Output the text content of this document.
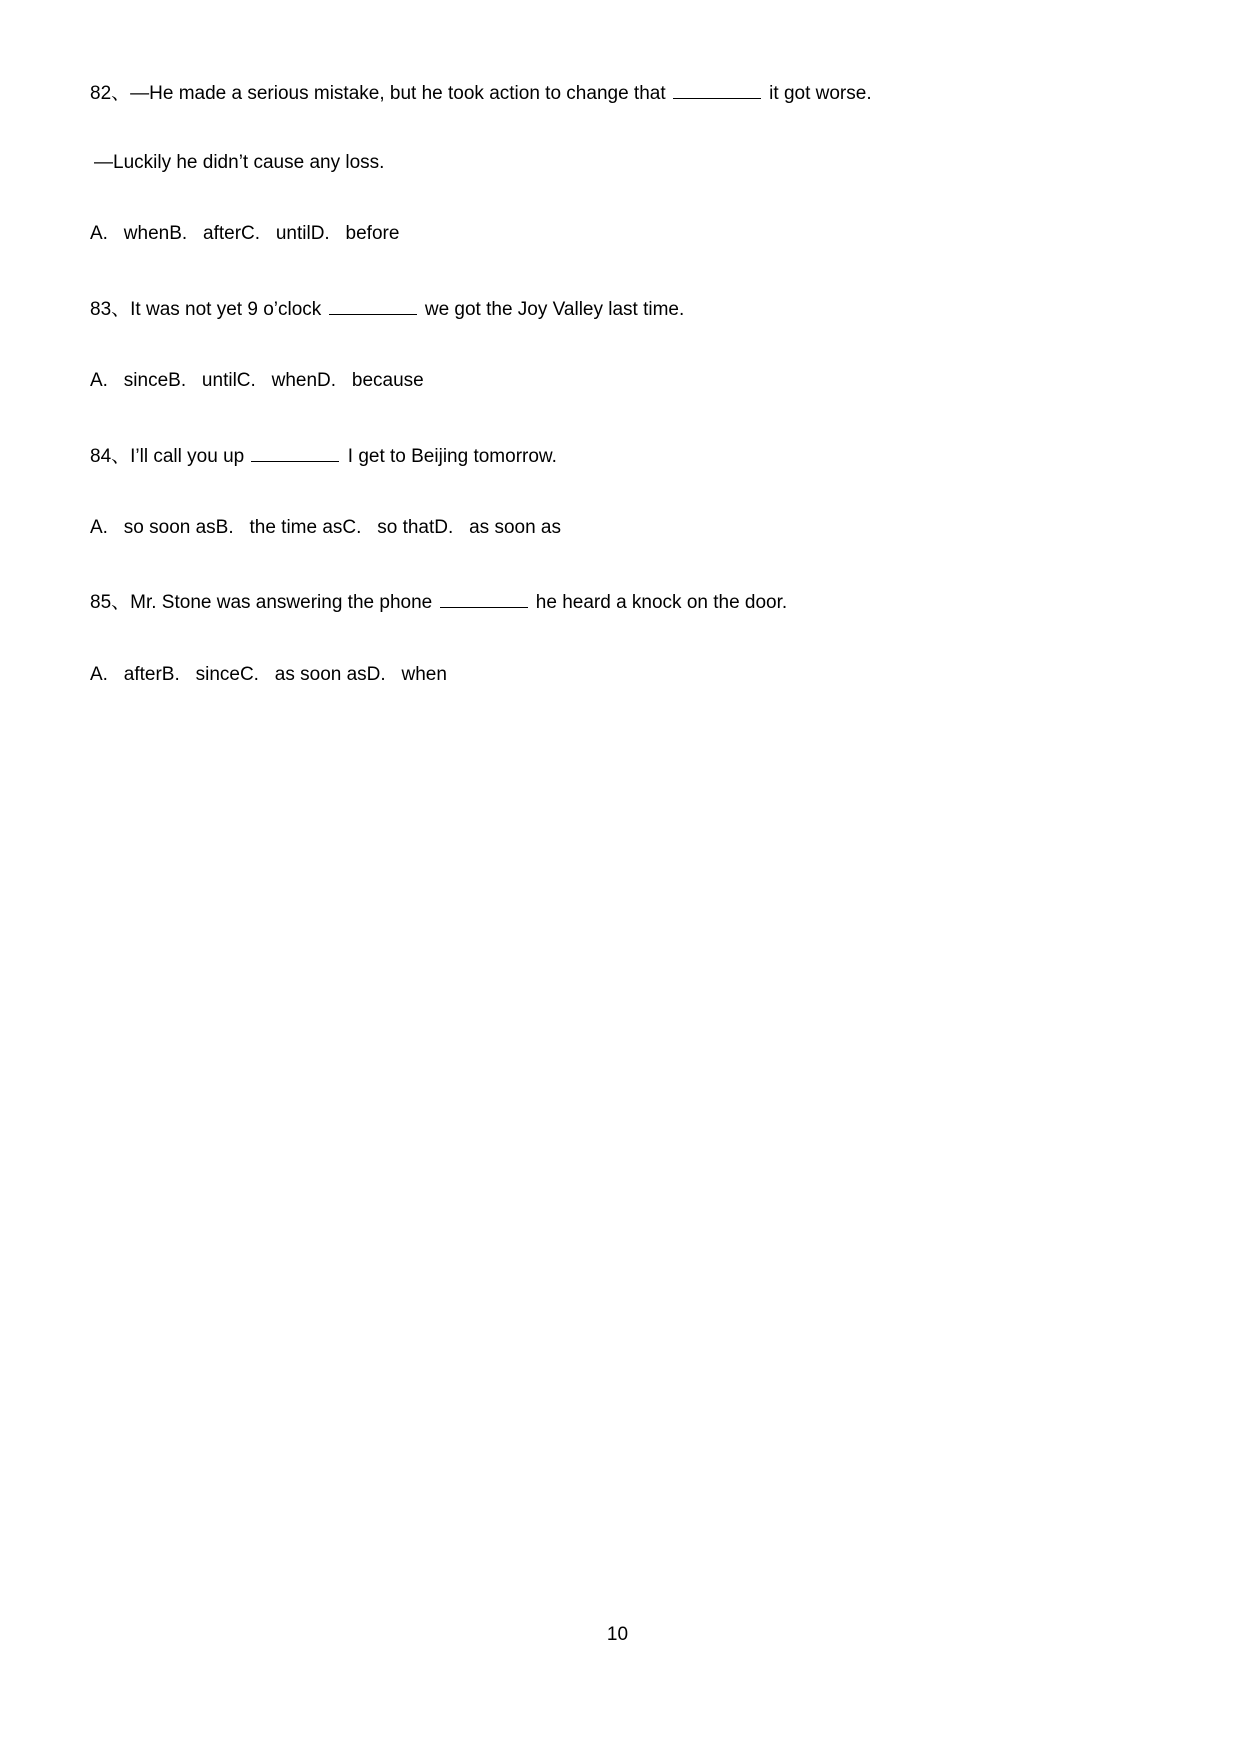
82、—He made a serious mistake, but he took action to change that	it got worse.
—Luckily he didn’t cause any loss.
A.   whenB.   afterC.   untilD.   before
83、It was not yet 9 o’clock	we got the Joy Valley last time.
A.   sinceB.   untilC.   whenD.   because
84、I’ll call you up	I get to Beijing tomorrow.
A.   so soon asB.   the time asC.   so thatD.   as soon as
85、Mr. Stone was answering the phone	he heard a knock on the door.
A.   afterB.   sinceC.   as soon asD.   when
10
